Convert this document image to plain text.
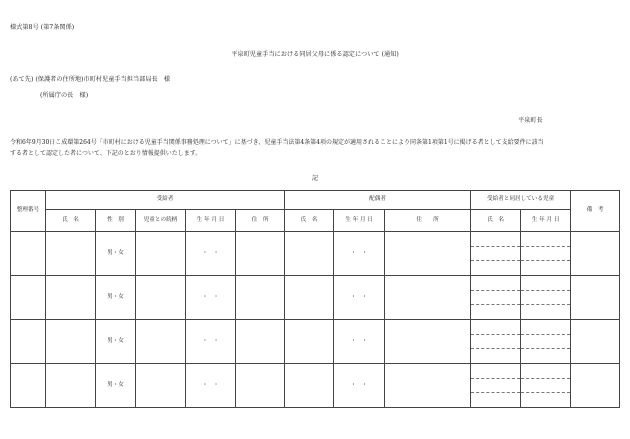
様式第8号 (第7条関係)
平泉町児童手当における同居父母に係る認定について (通知)
(あて先) (保護者の住所地)市町村児童手当担当部局長　様
(所属庁の長　様)
平泉町長
令和6年9月30日こ成環第264号「市町村における児童手当関係事務処理について」に基づき、児童手当法第4条第4項の規定が適用されることにより同条第1項第1号に掲げる者として支給要件に該当
する者として認定した者について、下記のとおり情報提供いたします。
記
整理番号	受給者					配偶者			受給者と同居している児童		備　考
	氏　名	性　別	児童との続柄	生 年 月 日	住　所	氏　名	生 年 月 日	住　　所	氏　名	生 年 月 日	
		男・女		・　・			・　・		

		男・女		・　・			・　・		

		男・女		・　・			・　・		

		男・女		・　・			・　・		
